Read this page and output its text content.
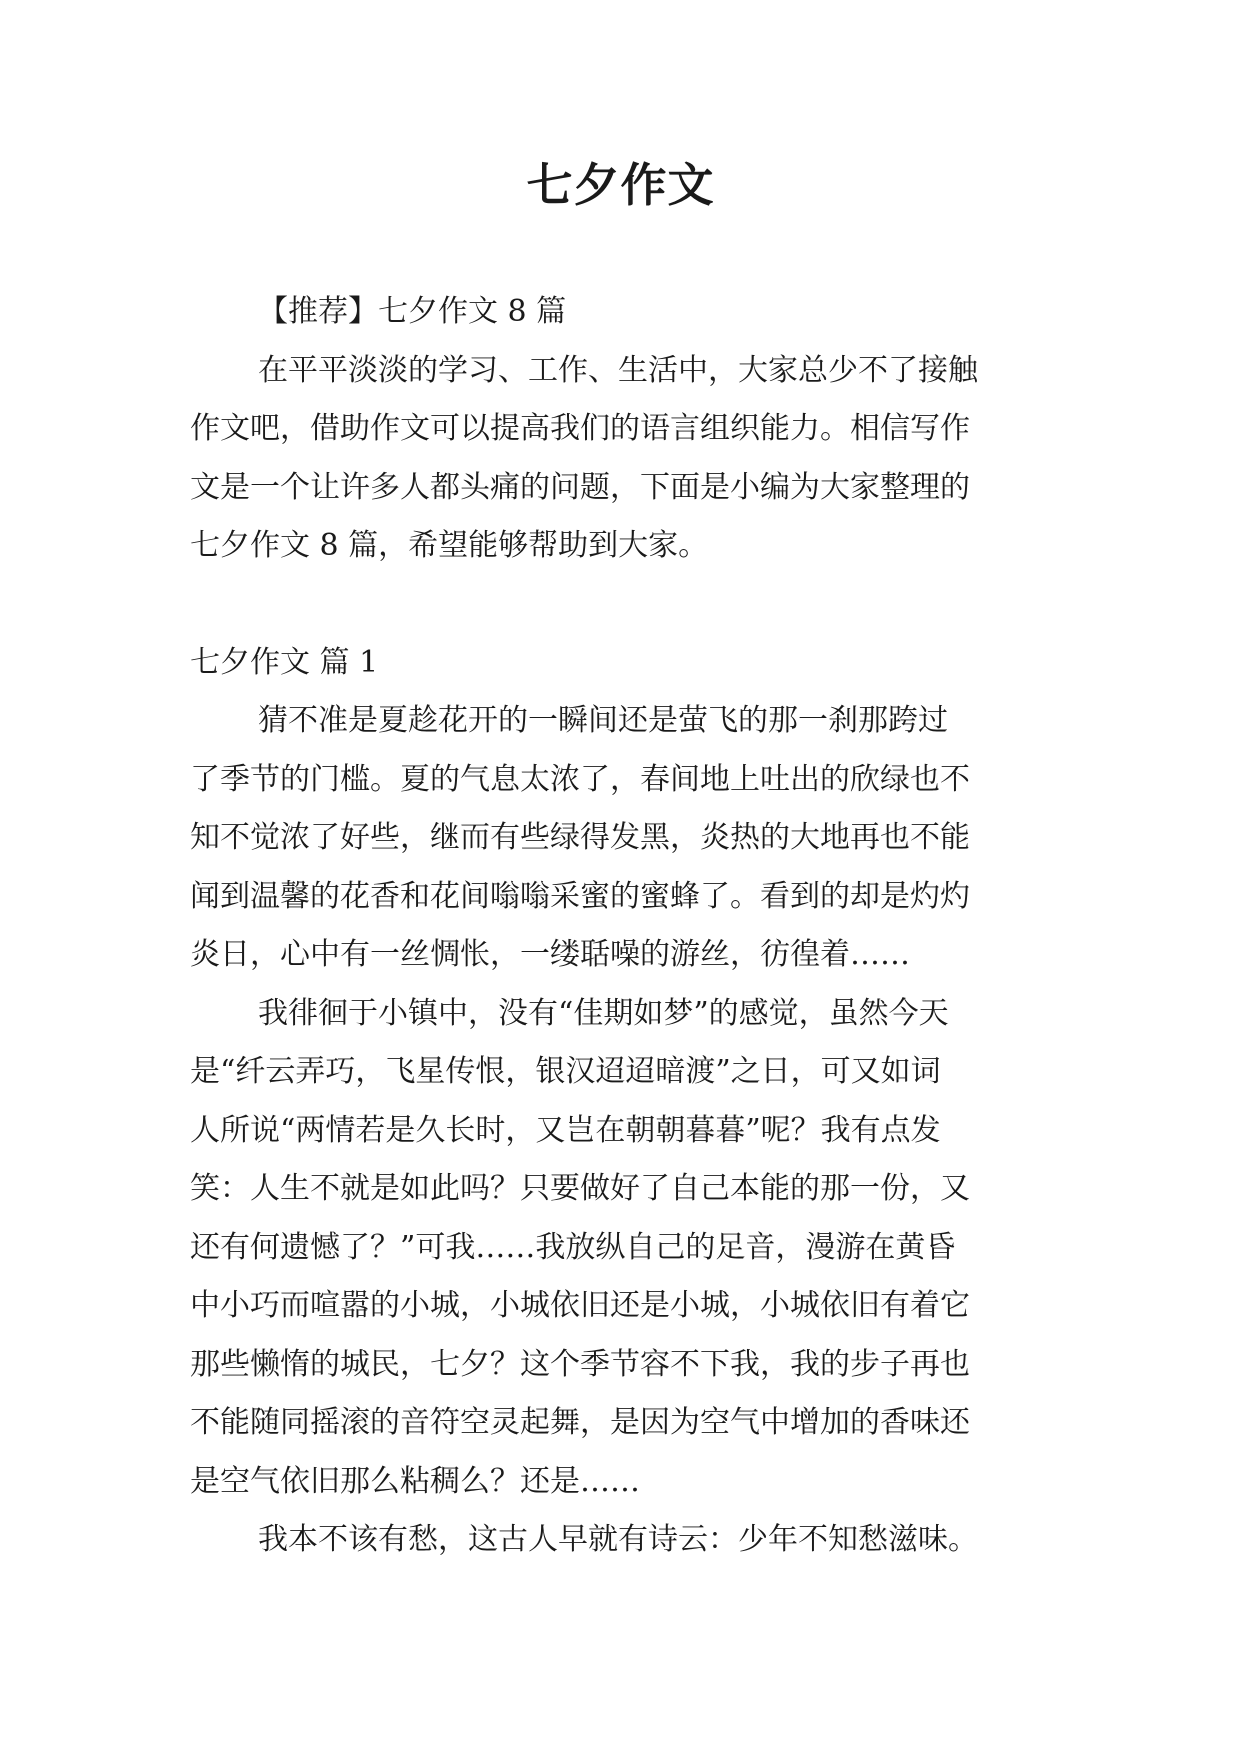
七夕作文
【推荐】七夕作文 8 篇
在平平淡淡的学习、工作、生活中，大家总少不了接触
作文吧，借助作文可以提高我们的语言组织能力。相信写作
文是一个让许多人都头痛的问题，下面是小编为大家整理的
七夕作文 8 篇，希望能够帮助到大家。
七夕作文 篇 1
猜不准是夏趁花开的一瞬间还是萤飞的那一刹那跨过
了季节的门槛。夏的气息太浓了，春间地上吐出的欣绿也不
知不觉浓了好些，继而有些绿得发黑，炎热的大地再也不能
闻到温馨的花香和花间嗡嗡采蜜的蜜蜂了。看到的却是灼灼
炎日，心中有一丝惆怅，一缕聒噪的游丝，彷徨着……
我徘徊于小镇中，没有“佳期如梦”的感觉，虽然今天
是“纤云弄巧，飞星传恨，银汉迢迢暗渡”之日，可又如词
人所说“两情若是久长时，又岂在朝朝暮暮”呢？我有点发
笑：人生不就是如此吗？只要做好了自己本能的那一份，又
还有何遗憾了？”可我……我放纵自己的足音，漫游在黄昏
中小巧而喧嚣的小城，小城依旧还是小城，小城依旧有着它
那些懒惰的城民，七夕？这个季节容不下我，我的步子再也
不能随同摇滚的音符空灵起舞，是因为空气中增加的香味还
是空气依旧那么粘稠么？还是……
我本不该有愁，这古人早就有诗云：少年不知愁滋味。
